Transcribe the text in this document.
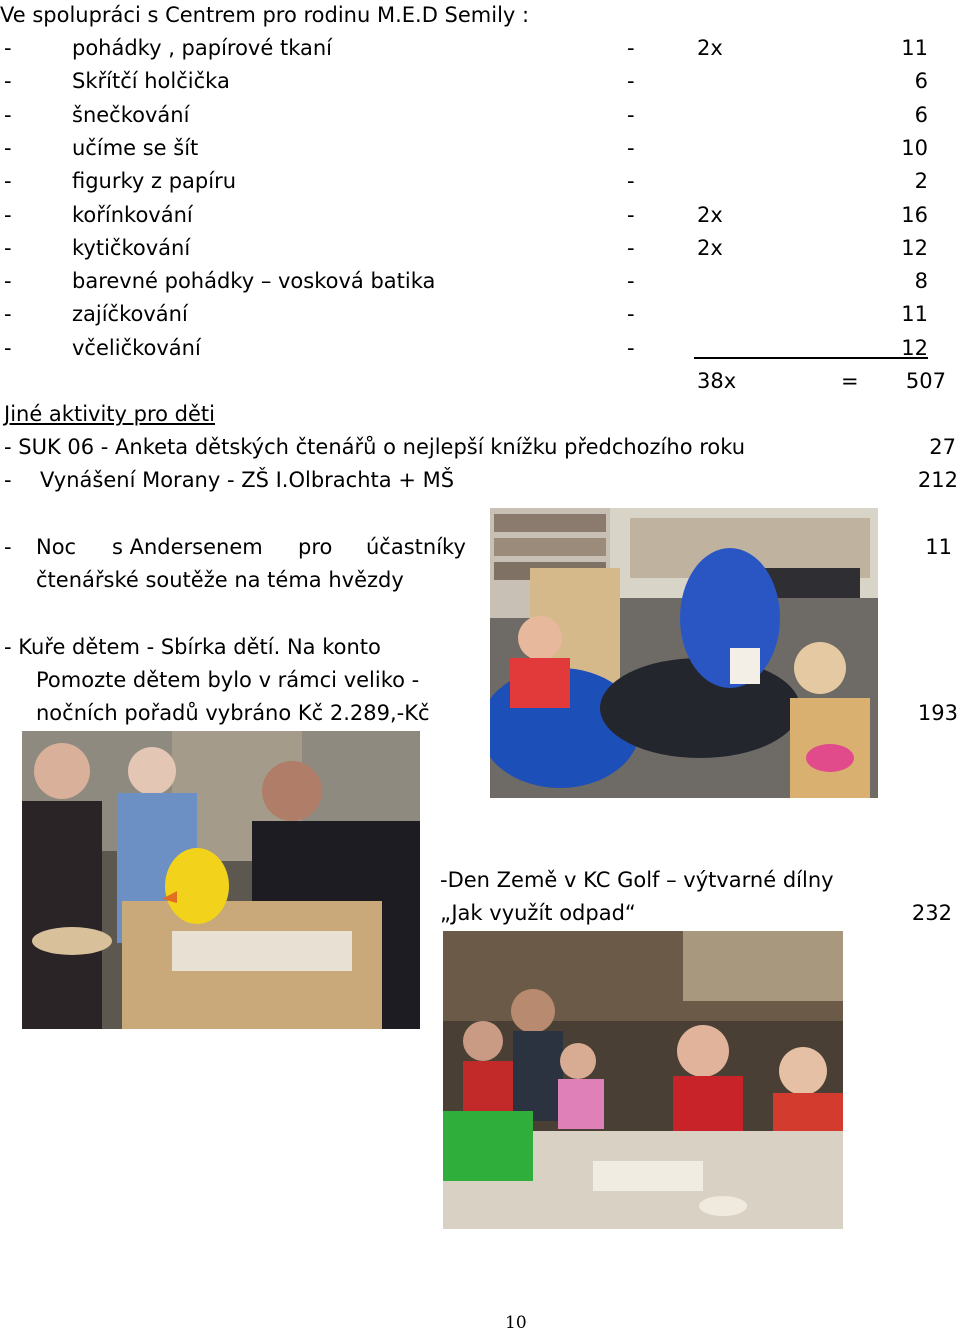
Ve spolupráci s Centrem pro rodinu M.E.D Semily :
-	pohádky , papírové tkaní	-	2x	11
-	Skřítčí holčička	-	6
-	šnečkování	-	6
-	učíme se šít	-	10
-	figurky z papíru	-	2
-	kořínkování	-	2x	16
-	kytičkování	-	2x	12
-	barevné pohádky – vosková batika	-	8
-	zajíčkování	-	11
-	včeličkování	-	12
38x	=	507
Jiné aktivity pro děti
- SUK 06 - Anketa dětských čtenářů o nejlepší knížku předchozího roku	27
- Vynášení Morany - ZŠ I.Olbrachta + MŠ	212
- Noc s Andersenem pro účastníky
čtenářské soutěže na téma hvězdy
11
- Kuře dětem - Sbírka dětí. Na konto
Pomozte dětem bylo v rámci veliko -
nočních pořadů vybráno Kč 2.289,-Kč	193
-Den Země v KC Golf – výtvarné dílny
„Jak využít odpad“	232
10
